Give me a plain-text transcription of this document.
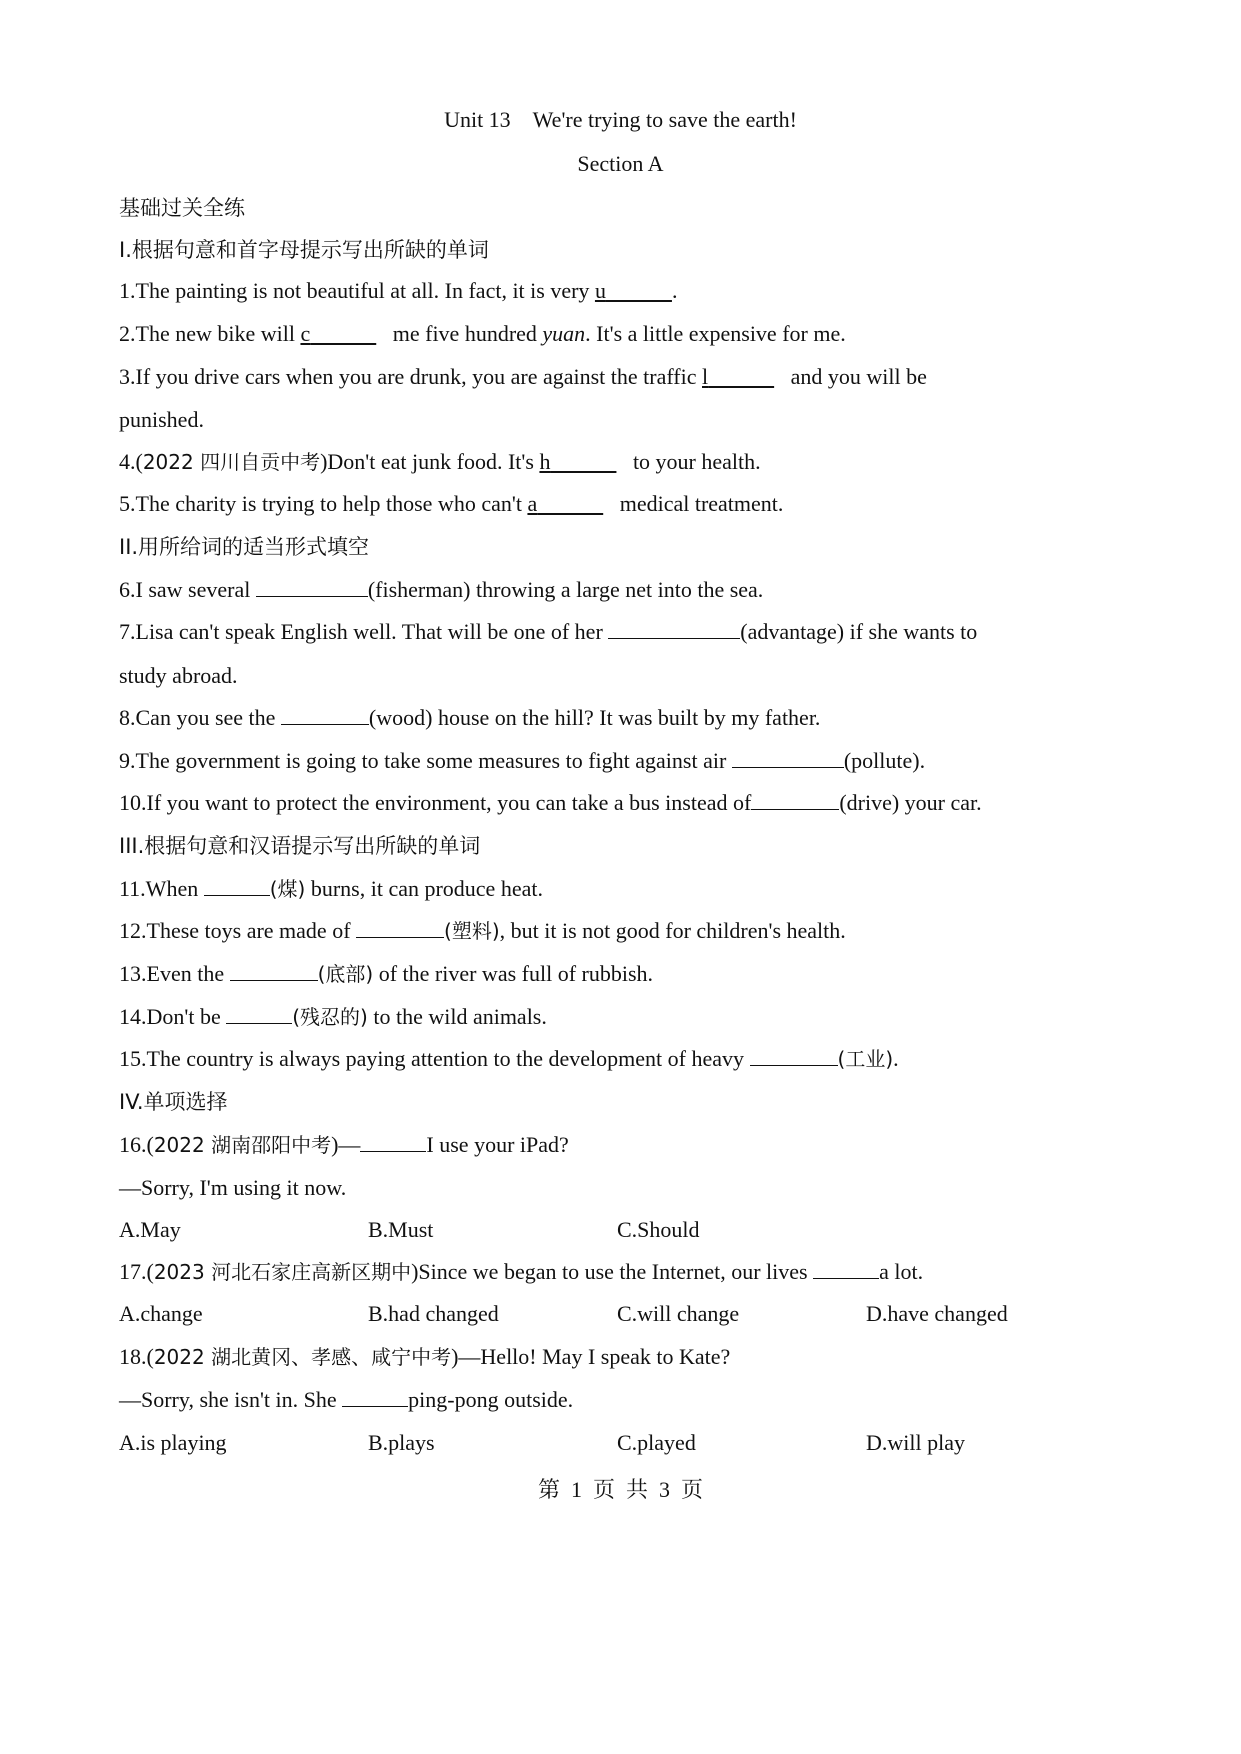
Unit 13　We're trying to save the earth!
Section A
基础过关全练
I.根据句意和首字母提示写出所缺的单词
1.The painting is not beautiful at all. In fact, it is very u	.
2.The new bike will c	me five hundred yuan. It's a little expensive for me.
3.If you drive cars when you are drunk, you are against the traffic l	and you will be
punished.
4.(2022 四川自贡中考)Don't eat junk food. It's h	to your health.
5.The charity is trying to help those who can't a	medical treatment.
II.用所给词的适当形式填空
6.I saw several	(fisherman) throwing a large net into the sea.
7.Lisa can't speak English well. That will be one of her	(advantage) if she wants to
study abroad.
8.Can you see the	(wood) house on the hill? It was built by my father.
9.The government is going to take some measures to fight against air	(pollute).
10.If you want to protect the environment, you can take a bus instead of	(drive) your car.
III.根据句意和汉语提示写出所缺的单词
11.When	(煤) burns, it can produce heat.
12.These toys are made of	(塑料), but it is not good for children's health.
13.Even the	(底部) of the river was full of rubbish.
14.Don't be	(残忍的) to the wild animals.
15.The country is always paying attention to the development of heavy	(工业).
IV.单项选择
16.(2022 湖南邵阳中考)—	I use your iPad?
—Sorry, I'm using it now.
A.May	B.Must	C.Should
17.(2023 河北石家庄高新区期中)Since we began to use the Internet, our lives	a lot.
A.change	B.had changed	C.will change	D.have changed
18.(2022 湖北黄冈、孝感、咸宁中考)—Hello! May I speak to Kate?
—Sorry, she isn't in. She	ping-pong outside.
A.is playing	B.plays	C.played	D.will play
第  1  页  共  3  页
